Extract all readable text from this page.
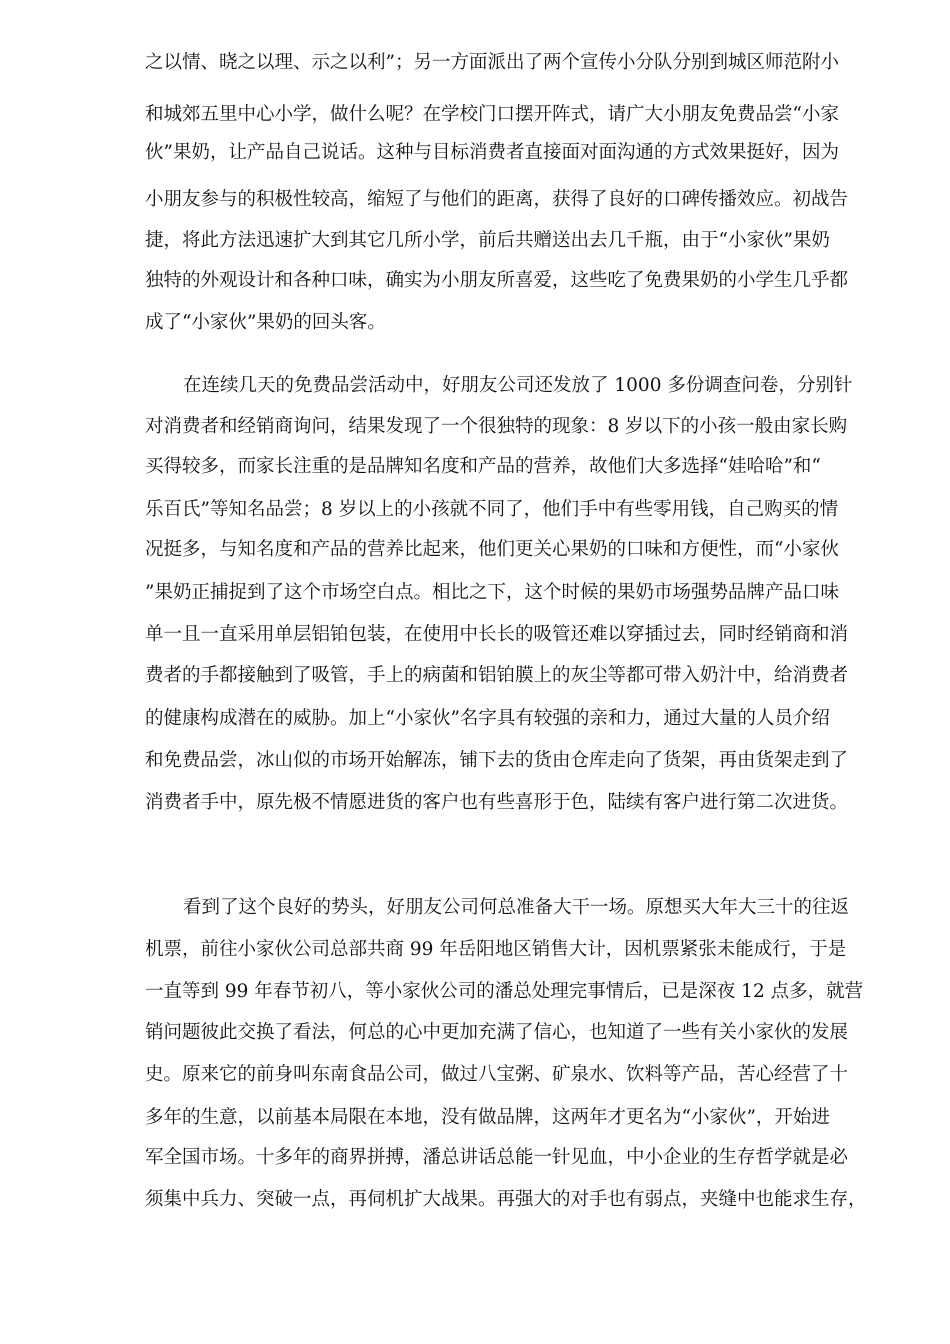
之以情、晓之以理、示之以利”；另一方面派出了两个宣传小分队分别到城区师范附小
和城郊五里中心小学，做什么呢？在学校门口摆开阵式，请广大小朋友免费品尝“小家
伙”果奶，让产品自己说话。这种与目标消费者直接面对面沟通的方式效果挺好，因为
小朋友参与的积极性较高，缩短了与他们的距离，获得了良好的口碑传播效应。初战告
捷，将此方法迅速扩大到其它几所小学，前后共赠送出去几千瓶，由于“小家伙”果奶
独特的外观设计和各种口味，确实为小朋友所喜爱，这些吃了免费果奶的小学生几乎都
成了“小家伙”果奶的回头客。
在连续几天的免费品尝活动中，好朋友公司还发放了 1000 多份调查问卷，分别针
对消费者和经销商询问，结果发现了一个很独特的现象：8 岁以下的小孩一般由家长购
买得较多，而家长注重的是品牌知名度和产品的营养，故他们大多选择“娃哈哈”和“
乐百氏”等知名品尝；8 岁以上的小孩就不同了，他们手中有些零用钱，自己购买的情
况挺多，与知名度和产品的营养比起来，他们更关心果奶的口味和方便性，而“小家伙
”果奶正捕捉到了这个市场空白点。相比之下，这个时候的果奶市场强势品牌产品口味
单一且一直采用单层铝铂包装，在使用中长长的吸管还难以穿插过去，同时经销商和消
费者的手都接触到了吸管，手上的病菌和铝铂膜上的灰尘等都可带入奶汁中，给消费者
的健康构成潜在的威胁。加上“小家伙”名字具有较强的亲和力，通过大量的人员介绍
和免费品尝，冰山似的市场开始解冻，铺下去的货由仓库走向了货架，再由货架走到了
消费者手中，原先极不情愿进货的客户也有些喜形于色，陆续有客户进行第二次进货。
看到了这个良好的势头，好朋友公司何总准备大干一场。原想买大年大三十的往返
机票，前往小家伙公司总部共商 99 年岳阳地区销售大计，因机票紧张未能成行，于是
一直等到 99 年春节初八，等小家伙公司的潘总处理完事情后，已是深夜 12 点多，就营
销问题彼此交换了看法，何总的心中更加充满了信心，也知道了一些有关小家伙的发展
史。原来它的前身叫东南食品公司，做过八宝粥、矿泉水、饮料等产品，苦心经营了十
多年的生意，以前基本局限在本地，没有做品牌，这两年才更名为“小家伙”，开始进
军全国市场。十多年的商界拼搏，潘总讲话总能一针见血，中小企业的生存哲学就是必
须集中兵力、突破一点，再伺机扩大战果。再强大的对手也有弱点，夹缝中也能求生存，
